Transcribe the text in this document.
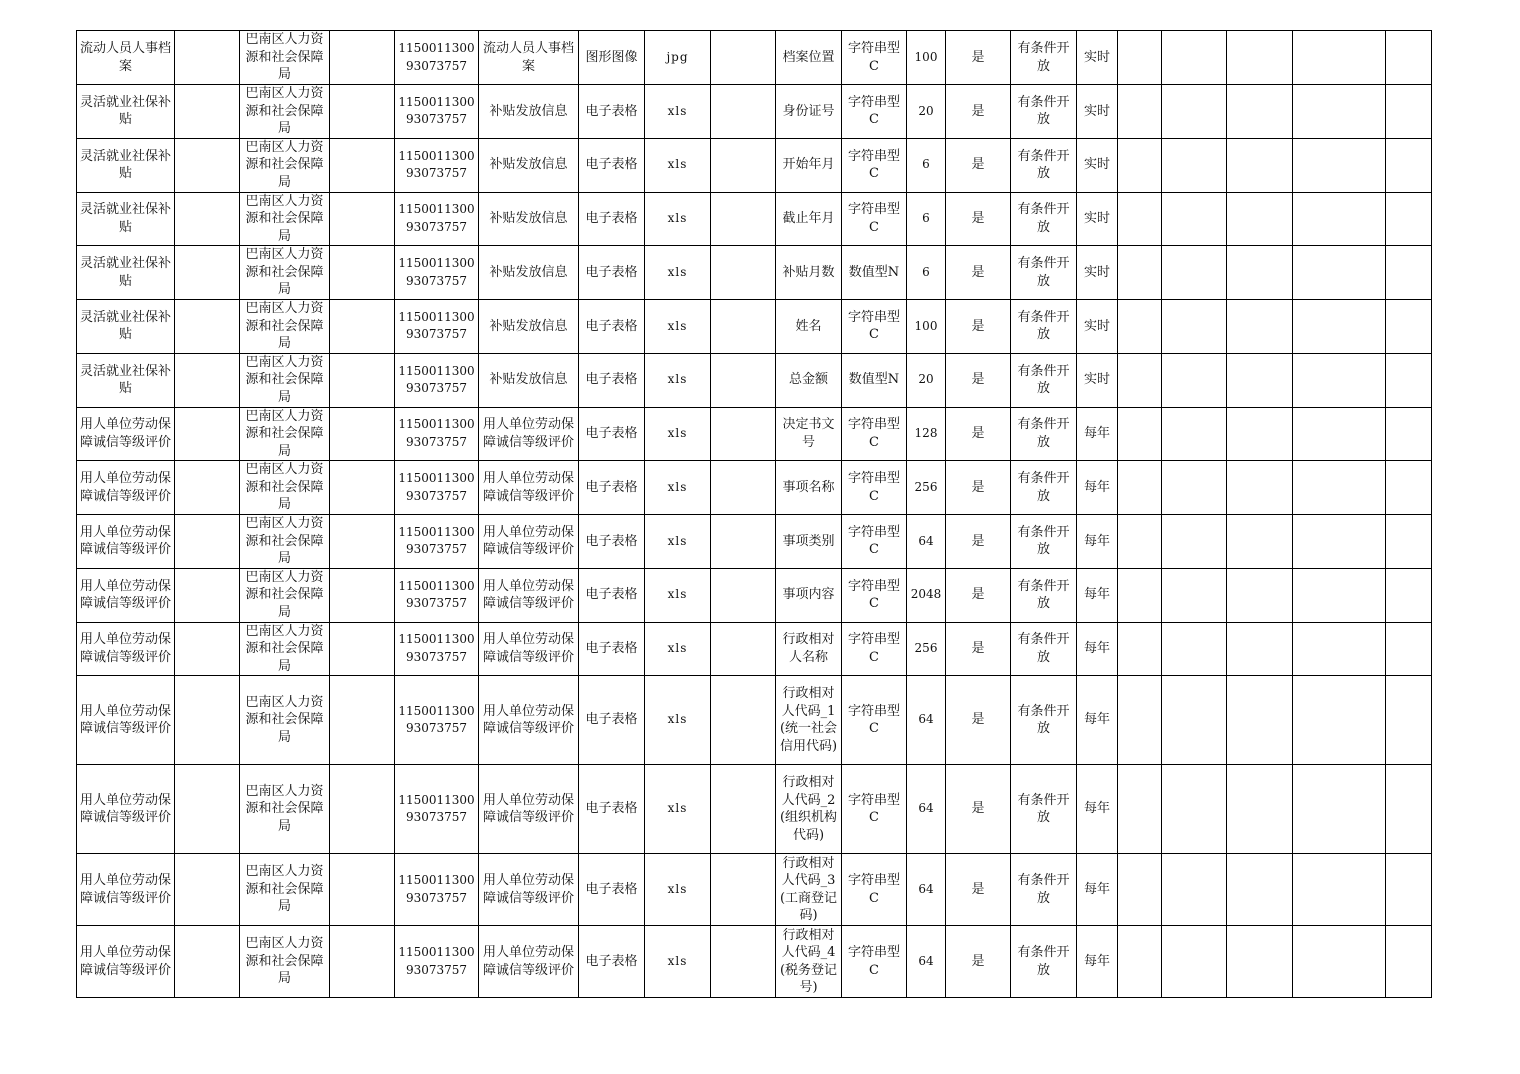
流动人员人事档案		巴南区人力资源和社会保障局		115001130093073757	流动人员人事档案	图形图像	jpg		档案位置	字符串型C	100	是	有条件开放	实时					
灵活就业社保补贴		巴南区人力资源和社会保障局		115001130093073757	补贴发放信息	电子表格	xls		身份证号	字符串型C	20	是	有条件开放	实时					
灵活就业社保补贴		巴南区人力资源和社会保障局		115001130093073757	补贴发放信息	电子表格	xls		开始年月	字符串型C	6	是	有条件开放	实时					
灵活就业社保补贴		巴南区人力资源和社会保障局		115001130093073757	补贴发放信息	电子表格	xls		截止年月	字符串型C	6	是	有条件开放	实时					
灵活就业社保补贴		巴南区人力资源和社会保障局		115001130093073757	补贴发放信息	电子表格	xls		补贴月数	数值型N	6	是	有条件开放	实时					
灵活就业社保补贴		巴南区人力资源和社会保障局		115001130093073757	补贴发放信息	电子表格	xls		姓名	字符串型C	100	是	有条件开放	实时					
灵活就业社保补贴		巴南区人力资源和社会保障局		115001130093073757	补贴发放信息	电子表格	xls		总金额	数值型N	20	是	有条件开放	实时					
用人单位劳动保障诚信等级评价		巴南区人力资源和社会保障局		115001130093073757	用人单位劳动保障诚信等级评价	电子表格	xls		决定书文号	字符串型C	128	是	有条件开放	每年					
用人单位劳动保障诚信等级评价		巴南区人力资源和社会保障局		115001130093073757	用人单位劳动保障诚信等级评价	电子表格	xls		事项名称	字符串型C	256	是	有条件开放	每年					
用人单位劳动保障诚信等级评价		巴南区人力资源和社会保障局		115001130093073757	用人单位劳动保障诚信等级评价	电子表格	xls		事项类别	字符串型C	64	是	有条件开放	每年					
用人单位劳动保障诚信等级评价		巴南区人力资源和社会保障局		115001130093073757	用人单位劳动保障诚信等级评价	电子表格	xls		事项内容	字符串型C	2048	是	有条件开放	每年					
用人单位劳动保障诚信等级评价		巴南区人力资源和社会保障局		115001130093073757	用人单位劳动保障诚信等级评价	电子表格	xls		行政相对人名称	字符串型C	256	是	有条件开放	每年					
用人单位劳动保障诚信等级评价		巴南区人力资源和社会保障局		115001130093073757	用人单位劳动保障诚信等级评价	电子表格	xls		行政相对人代码_1(统一社会信用代码)	字符串型C	64	是	有条件开放	每年					
用人单位劳动保障诚信等级评价		巴南区人力资源和社会保障局		115001130093073757	用人单位劳动保障诚信等级评价	电子表格	xls		行政相对人代码_2(组织机构代码)	字符串型C	64	是	有条件开放	每年					
用人单位劳动保障诚信等级评价		巴南区人力资源和社会保障局		115001130093073757	用人单位劳动保障诚信等级评价	电子表格	xls		行政相对人代码_3(工商登记码)	字符串型C	64	是	有条件开放	每年					
用人单位劳动保障诚信等级评价		巴南区人力资源和社会保障局		115001130093073757	用人单位劳动保障诚信等级评价	电子表格	xls		行政相对人代码_4(税务登记号)	字符串型C	64	是	有条件开放	每年					
